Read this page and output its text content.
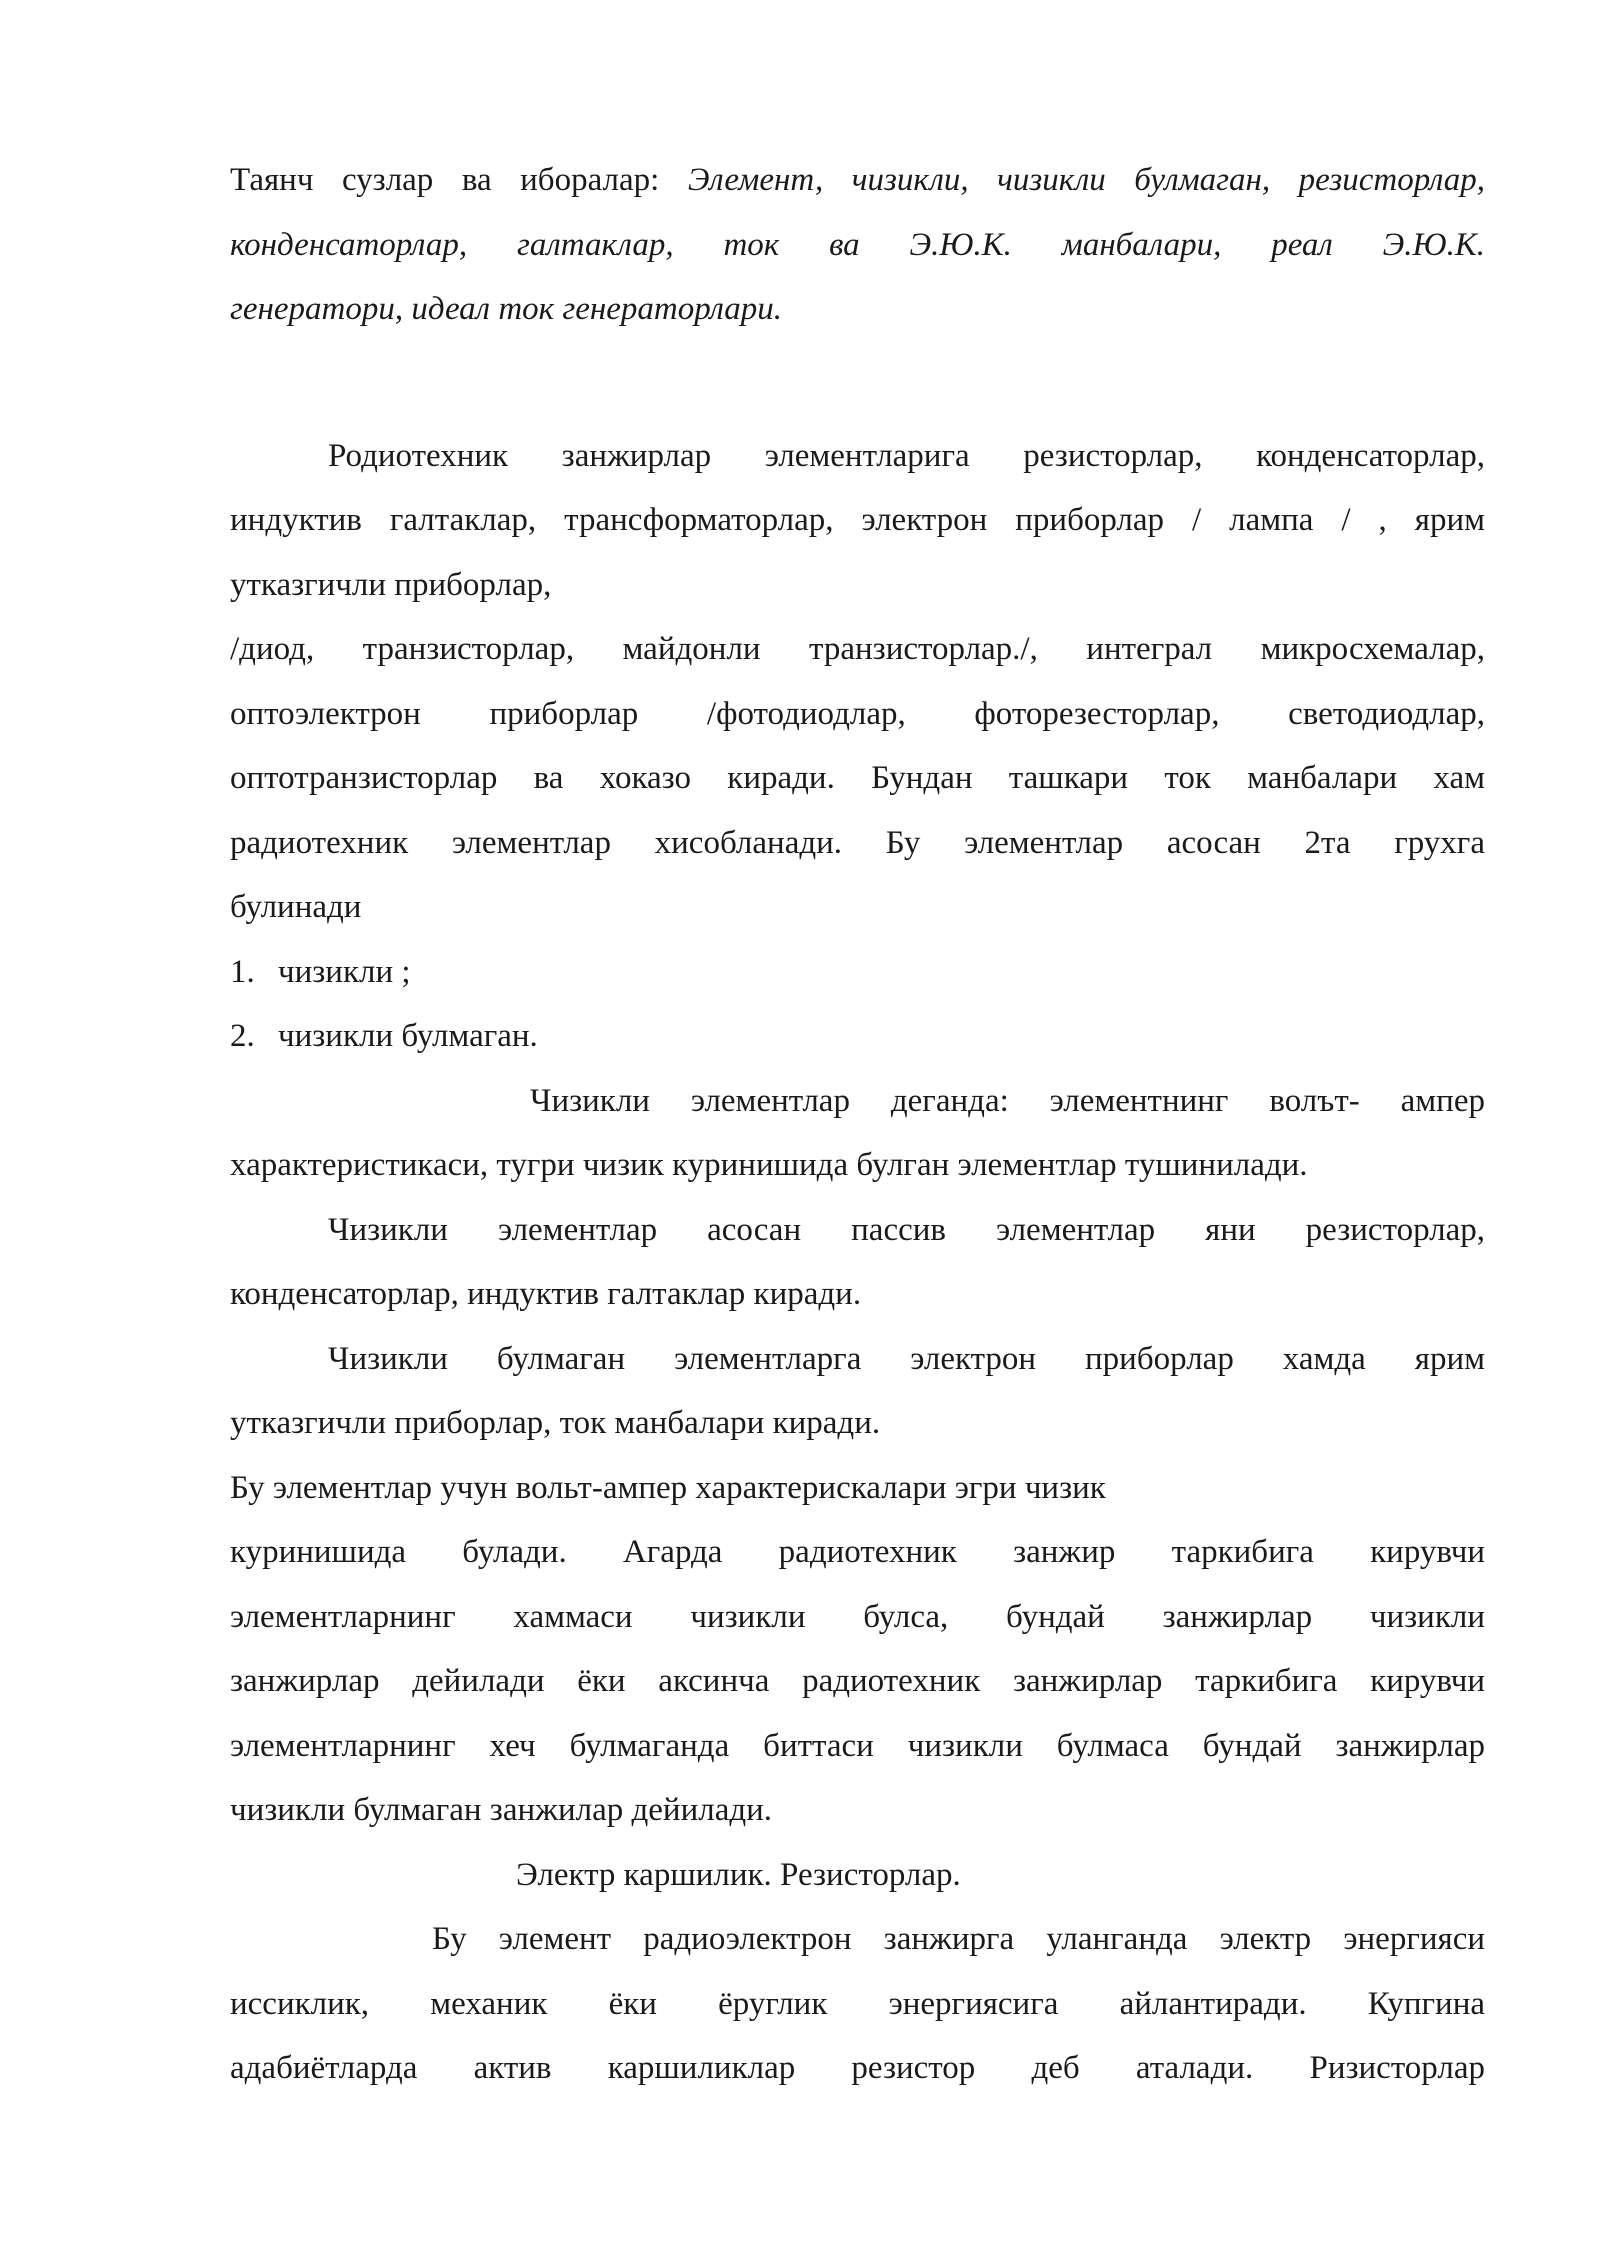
Таянч сузлар ва иборалар: Элемент, чизикли, чизикли булмаган, резисторлар,
конденсаторлар, галтаклар, ток ва Э.Ю.К. манбалари, реал Э.Ю.К.
генератори, идеал ток генераторлари.
Родиотехник занжирлар элементларига резисторлар, конденсаторлар,
индуктив галтаклар, трансформаторлар, электрон приборлар / лампа / , ярим
утказгичли приборлар,
/диод, транзисторлар, майдонли транзисторлар./, интеграл микросхемалар,
оптоэлектрон приборлар /фотодиодлар, фоторезесторлар, светодиодлар,
оптотранзисторлар ва хоказо киради. Бундан ташкари ток манбалари хам
радиотехник элементлар хисобланади. Бу элементлар асосан 2та грухга
булинади
1. чизикли ;
2. чизикли булмаган.
Чизикли элементлар деганда: элементнинг волът- ампер
характеристикаси, тугри чизик куринишида булган элементлар тушинилади.
Чизикли элементлар асосан пассив элементлар яни резисторлар,
конденсаторлар, индуктив галтаклар киради.
Чизикли булмаган элементларга электрон приборлар хамда ярим
утказгичли приборлар, ток манбалари киради.
Бу элементлар учун вольт-ампер характерискалари эгри чизик
куринишида булади. Агарда радиотехник занжир таркибига кирувчи
элементларнинг хаммаси чизикли булса, бундай занжирлар чизикли
занжирлар дейилади ёки аксинча радиотехник занжирлар таркибига кирувчи
элементларнинг хеч булмаганда биттаси чизикли булмаса бундай занжирлар
чизикли булмаган занжилар дейилади.
Электр каршилик. Резисторлар.
Бу элемент радиоэлектрон занжирга уланганда электр энергияси
иссиклик, механик ёки ёруглик энергиясига айлантиради. Купгина
адабиётларда актив каршиликлар резистор деб аталади. Ризисторлар
